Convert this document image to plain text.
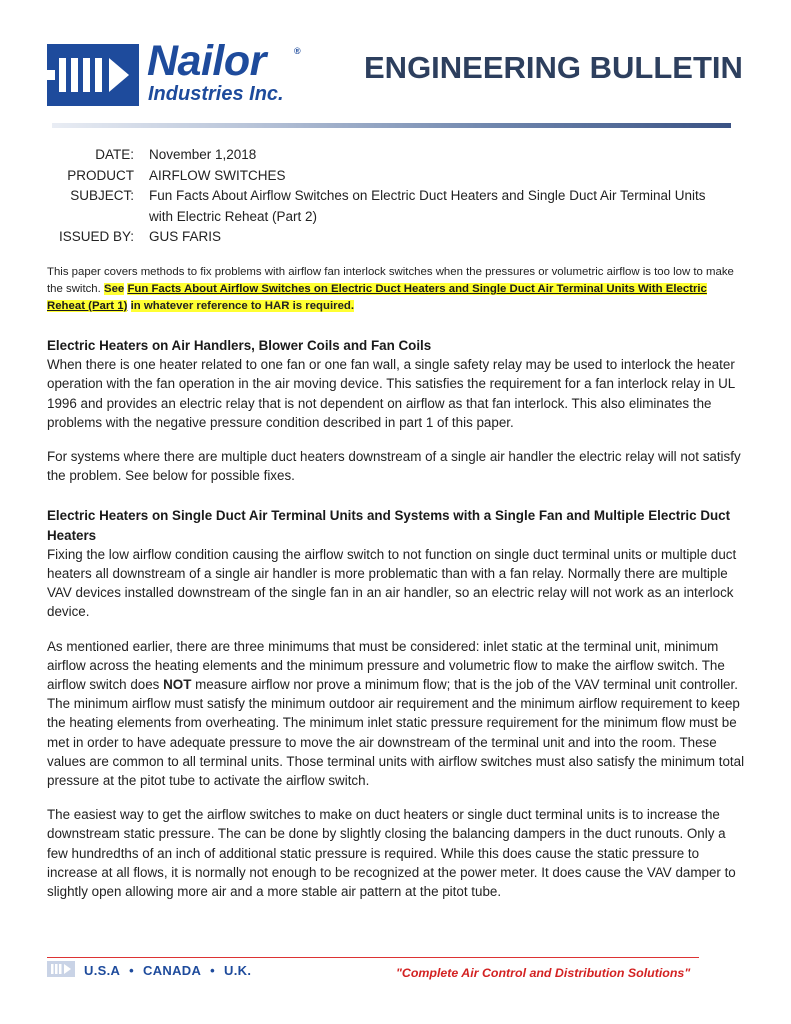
Nailor	®
Industries Inc.
ENGINEERING BULLETIN
DATE:	November 1,2018
PRODUCT	AIRFLOW SWITCHES
SUBJECT:	Fun Facts About Airflow Switches on Electric Duct Heaters and Single Duct Air Terminal Units with Electric Reheat (Part 2)
ISSUED BY:	GUS FARIS

This paper covers methods to fix problems with airflow fan interlock switches when the pressures or volumetric airflow is too low to make the switch. See Fun Facts About Airflow Switches on Electric Duct Heaters and Single Duct Air Terminal Units With Electric Reheat (Part 1) in whatever reference to HAR is required.

Electric Heaters on Air Handlers, Blower Coils and Fan Coils

When there is one heater related to one fan or one fan wall, a single safety relay may be used to interlock the heater operation with the fan operation in the air moving device. This satisfies the requirement for a fan interlock relay in UL 1996 and provides an electric relay that is not dependent on airflow as that fan interlock. This also eliminates the problems with the negative pressure condition described in part 1 of this paper.

For systems where there are multiple duct heaters downstream of a single air handler the electric relay will not satisfy the problem. See below for possible fixes.

Electric Heaters on Single Duct Air Terminal Units and Systems with a Single Fan and Multiple Electric Duct Heaters

Fixing the low airflow condition causing the airflow switch to not function on single duct terminal units or multiple duct heaters all downstream of a single air handler is more problematic than with a fan relay. Normally there are multiple VAV devices installed downstream of the single fan in an air handler, so an electric relay will not work as an interlock device.

As mentioned earlier, there are three minimums that must be considered: inlet static at the terminal unit, minimum airflow across the heating elements and the minimum pressure and volumetric flow to make the airflow switch. The airflow switch does NOT measure airflow nor prove a minimum flow; that is the job of the VAV terminal unit controller. The minimum airflow must satisfy the minimum outdoor air requirement and the minimum airflow requirement to keep the heating elements from overheating. The minimum inlet static pressure requirement for the minimum flow must be met in order to have adequate pressure to move the air downstream of the terminal unit and into the room. These values are common to all terminal units. Those terminal units with airflow switches must also satisfy the minimum total pressure at the pitot tube to activate the airflow switch.

The easiest way to get the airflow switches to make on duct heaters or single duct terminal units is to increase the downstream static pressure. The can be done by slightly closing the balancing dampers in the duct runouts. Only a few hundredths of an inch of additional static pressure is required. While this does cause the static pressure to increase at all flows, it is normally not enough to be recognized at the power meter. It does cause the VAV damper to slightly open allowing more air and a more stable air pattern at the pitot tube.

U.S.A • CANADA • U.K.	"Complete Air Control and Distribution Solutions"
